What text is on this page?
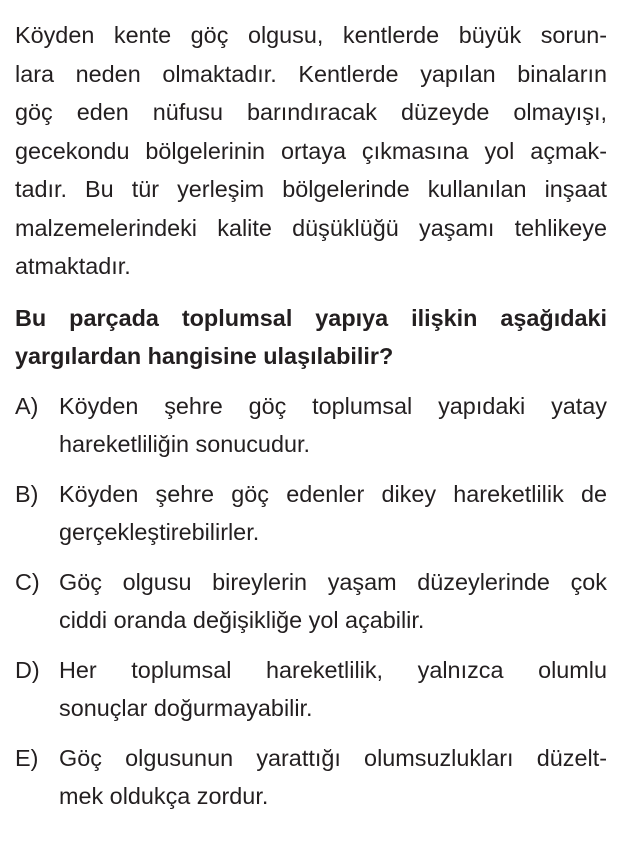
Köyden kente göç olgusu, kentlerde büyük sorun-
lara neden olmaktadır. Kentlerde yapılan binaların
göç eden nüfusu barındıracak düzeyde olmayışı,
gecekondu bölgelerinin ortaya çıkmasına yol açmak-
tadır. Bu tür yerleşim bölgelerinde kullanılan inşaat
malzemelerindeki kalite düşüklüğü yaşamı tehlikeye
atmaktadır.
Bu parçada toplumsal yapıya ilişkin aşağıdaki
yargılardan hangisine ulaşılabilir?
A) Köyden şehre göç toplumsal yapıdaki yatay
hareketliliğin sonucudur.
B) Köyden şehre göç edenler dikey hareketlilik de
gerçekleştirebilirler.
C) Göç olgusu bireylerin yaşam düzeylerinde çok
ciddi oranda değişikliğe yol açabilir.
D) Her toplumsal hareketlilik, yalnızca olumlu
sonuçlar doğurmayabilir.
E) Göç olgusunun yarattığı olumsuzlukları düzelt-
mek oldukça zordur.
